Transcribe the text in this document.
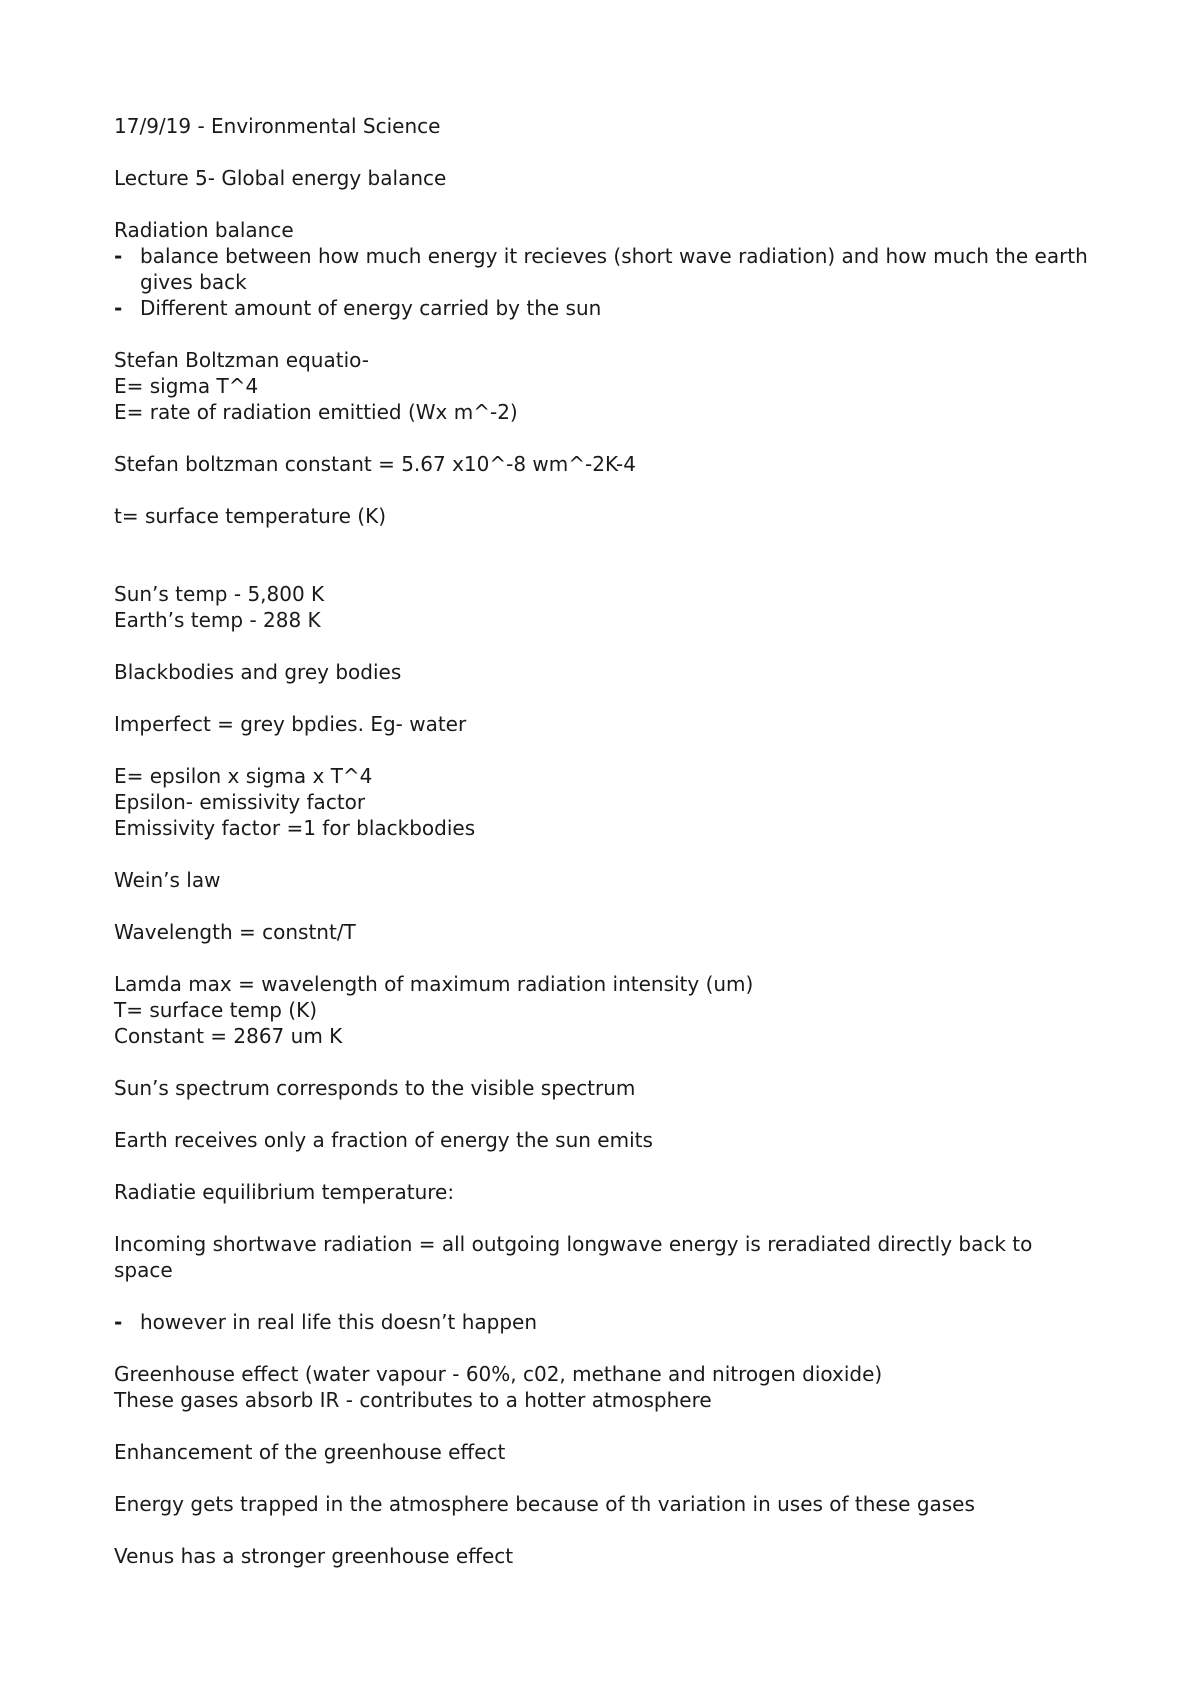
17/9/19 - Environmental Science

Lecture 5- Global energy balance

Radiation balance

- balance between how much energy it recieves (short wave radiation) and how much the earth gives back
- Different amount of energy carried by the sun

Stefan Boltzman equatio-

E= sigma T^4

E= rate of radiation emittied (Wx m^-2)

Stefan boltzman constant = 5.67 x10^-8 wm^-2K-4

t= surface temperature (K)

Sun’s temp - 5,800 K

Earth’s temp - 288 K

Blackbodies and grey bodies

Imperfect = grey bpdies. Eg- water

E= epsilon x sigma x T^4

Epsilon- emissivity factor

Emissivity factor =1 for blackbodies

Wein’s law

Wavelength = constnt/T

Lamda max = wavelength of maximum radiation intensity (um)

T= surface temp (K)

Constant = 2867 um K

Sun’s spectrum corresponds to the visible spectrum

Earth receives only a fraction of energy the sun emits

Radiatie equilibrium temperature:

Incoming shortwave radiation = all outgoing longwave energy is reradiated directly back to space

- however in real life this doesn’t happen

Greenhouse effect (water vapour - 60%, c02, methane and nitrogen dioxide)

These gases absorb IR - contributes to a hotter atmosphere

Enhancement of the greenhouse effect

Energy gets trapped in the atmosphere because of th variation in uses of these gases

Venus has a stronger greenhouse effect
